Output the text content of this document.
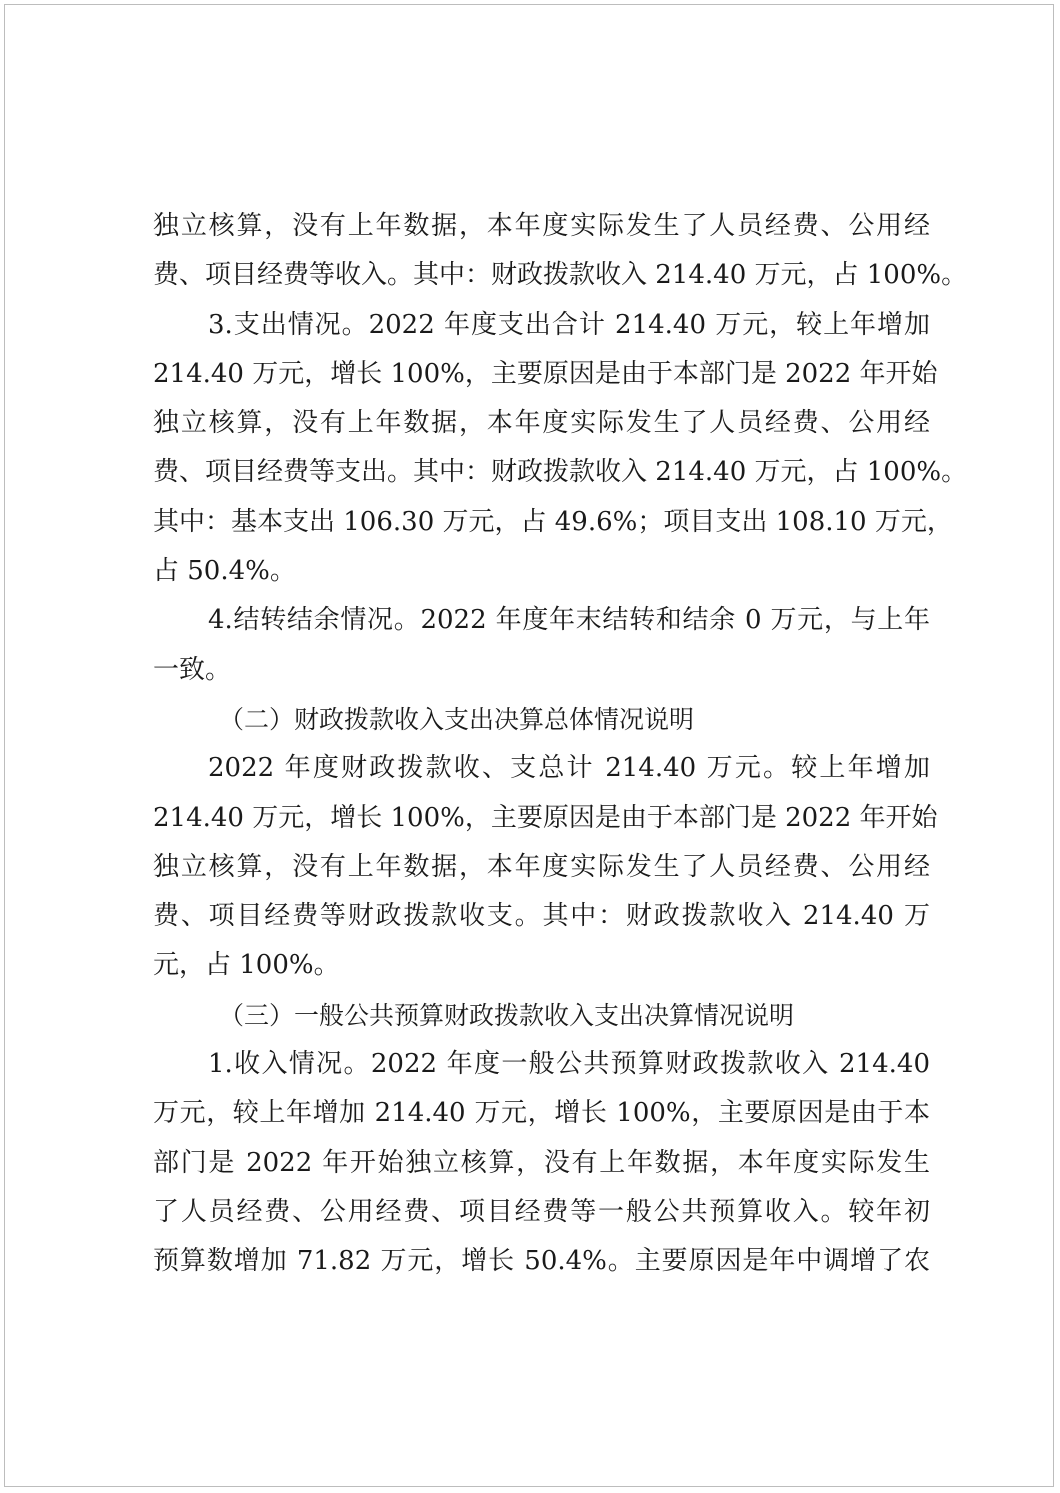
独立核算，没有上年数据，本年度实际发生了人员经费、公用经
费、项目经费等收入。其中：财政拨款收入 214.40 万元，占 100%。
3.支出情况。2022 年度支出合计 214.40 万元，较上年增加
214.40 万元，增长 100%，主要原因是由于本部门是 2022 年开始
独立核算，没有上年数据，本年度实际发生了人员经费、公用经
费、项目经费等支出。其中：财政拨款收入 214.40 万元，占 100%。
其中：基本支出 106.30 万元，占 49.6%；项目支出 108.10 万元，
占 50.4%。
4.结转结余情况。2022 年度年末结转和结余 0 万元，与上年
一致。
（二）财政拨款收入支出决算总体情况说明
2022 年度财政拨款收、支总计 214.40 万元。较上年增加
214.40 万元，增长 100%，主要原因是由于本部门是 2022 年开始
独立核算，没有上年数据，本年度实际发生了人员经费、公用经
费、项目经费等财政拨款收支。其中：财政拨款收入 214.40 万
元，占 100%。
（三）一般公共预算财政拨款收入支出决算情况说明
1.收入情况。2022 年度一般公共预算财政拨款收入 214.40
万元，较上年增加 214.40 万元，增长 100%，主要原因是由于本
部门是 2022 年开始独立核算，没有上年数据，本年度实际发生
了人员经费、公用经费、项目经费等一般公共预算收入。较年初
预算数增加 71.82 万元，增长 50.4%。主要原因是年中调增了农
